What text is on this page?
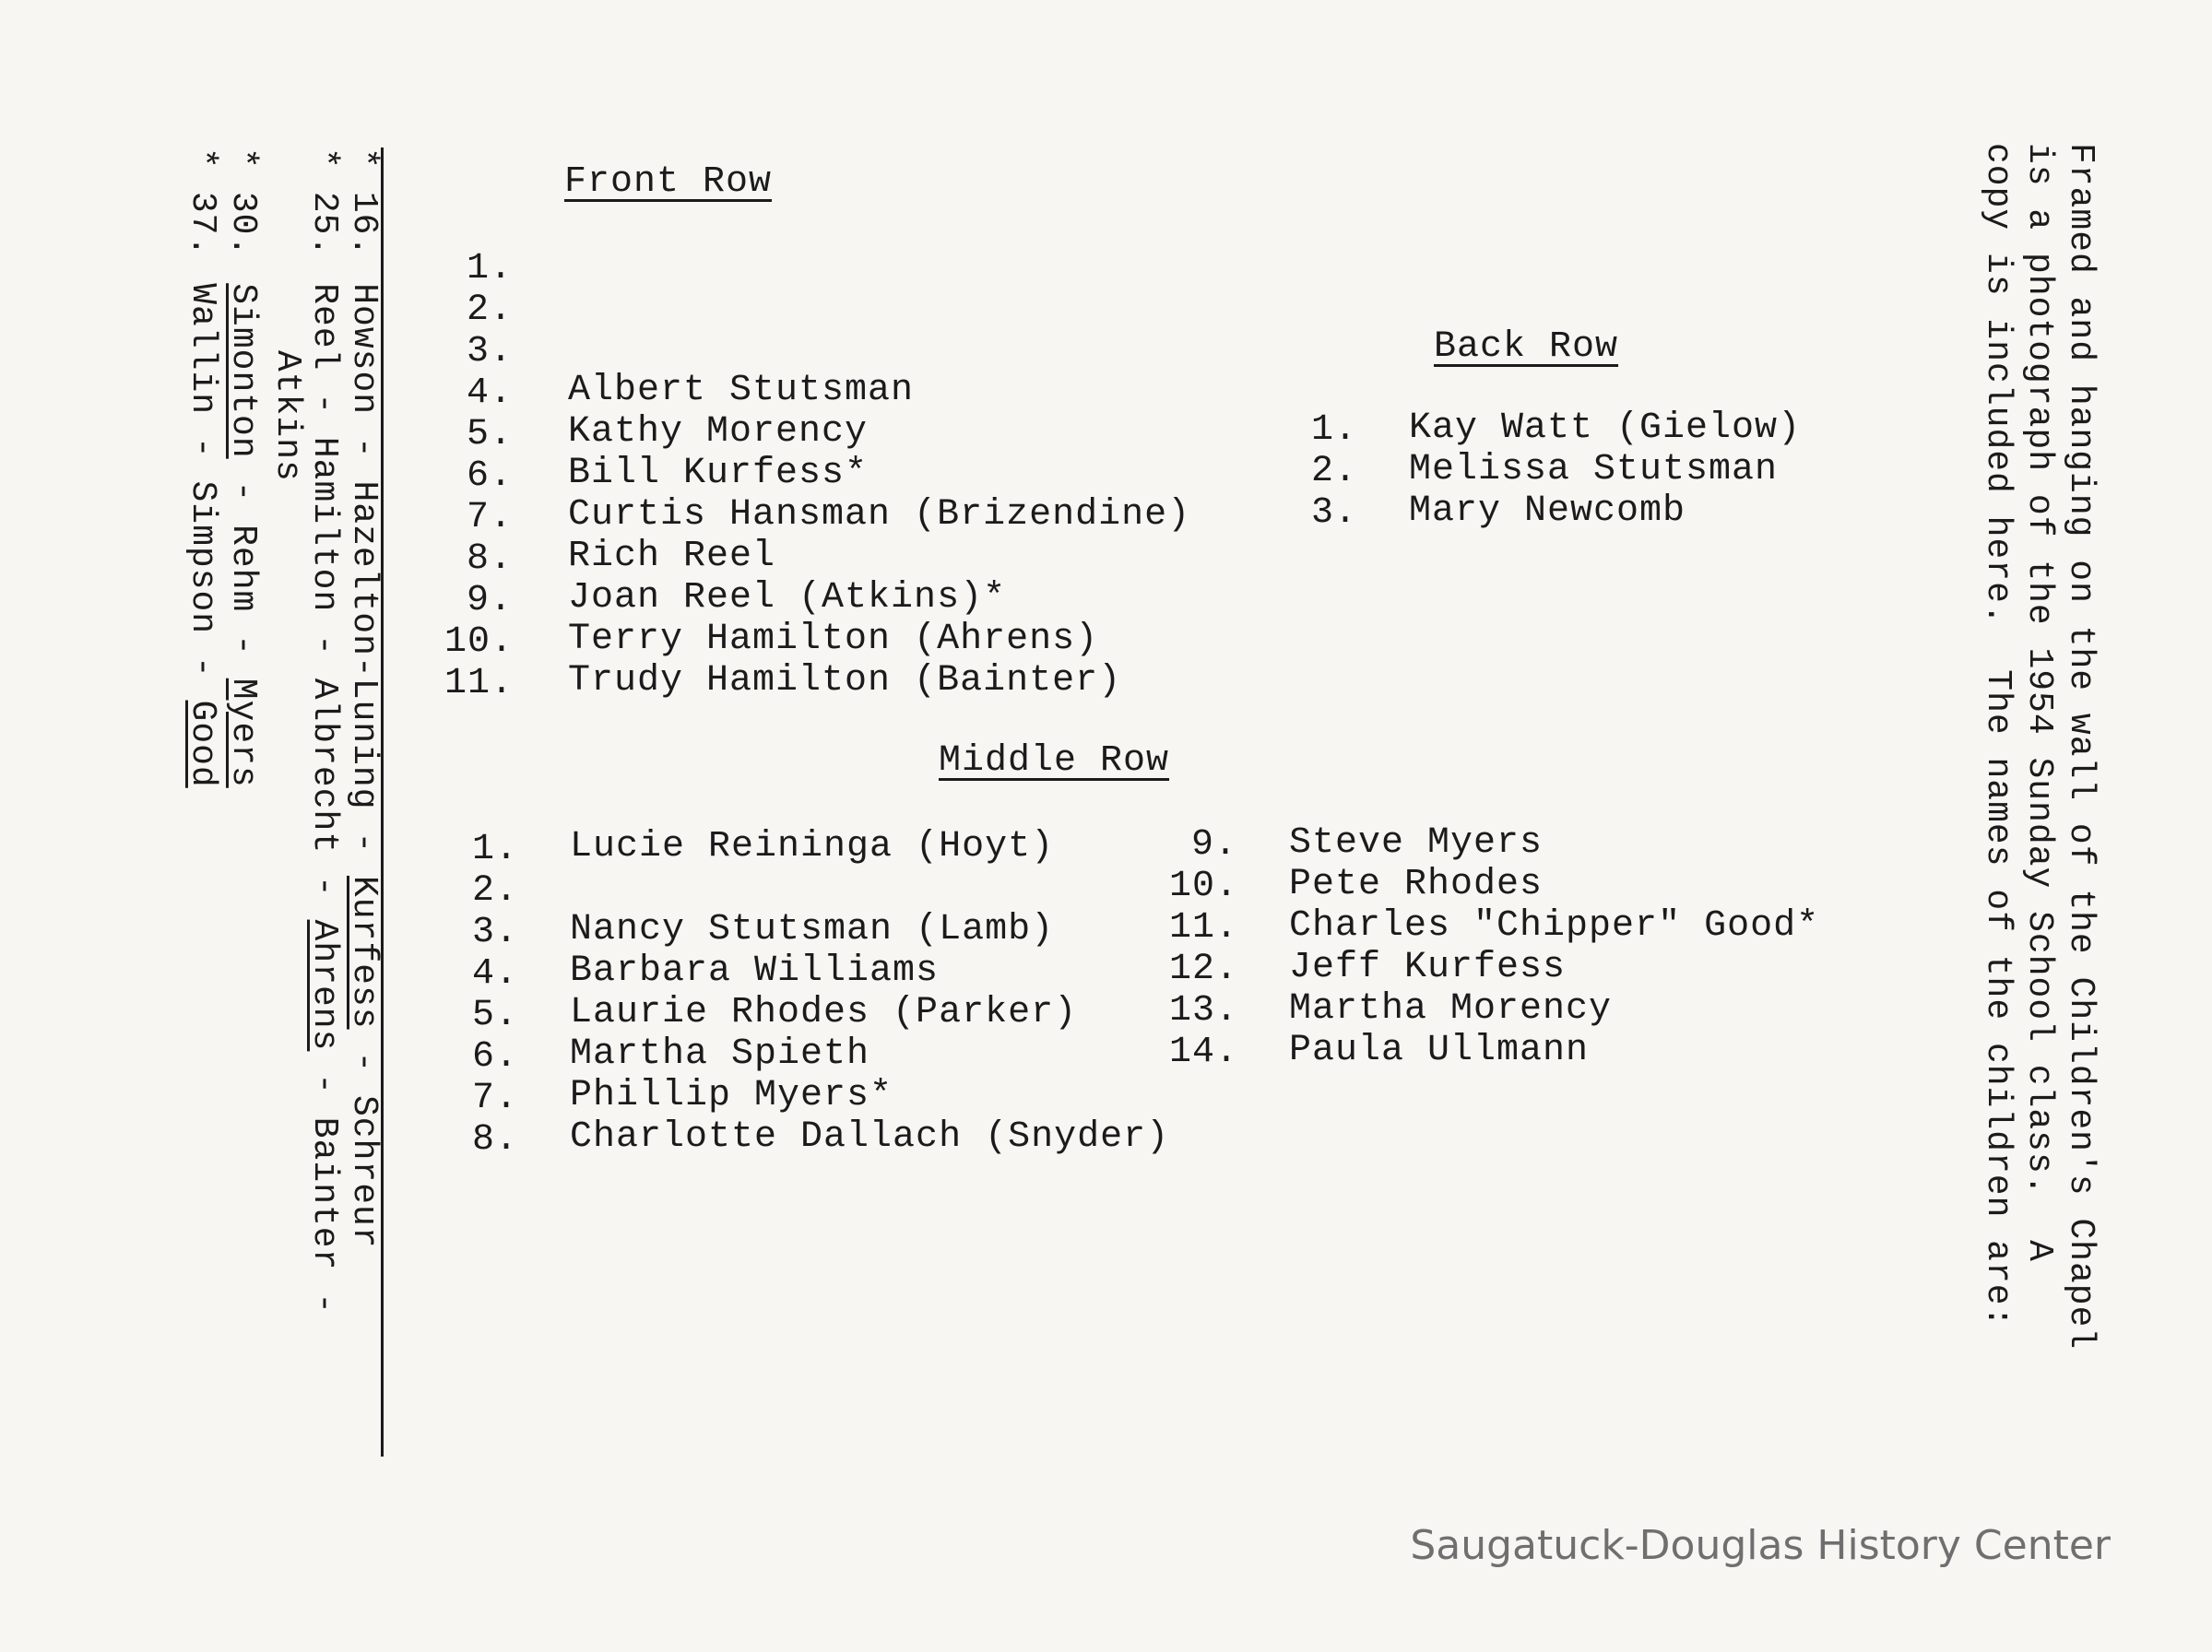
Framed and hanging on the wall of the Children's Chapel
is a photograph of the 1954 Sunday School class.  A
copy is included here.  The names of the children are:
Front Row
1.
2.
3.
4. Albert Stutsman
5. Kathy Morency
6. Bill Kurfess*
7. Curtis Hansman (Brizendine)
8. Rich Reel
9. Joan Reel (Atkins)*
10. Terry Hamilton (Ahrens)
11. Trudy Hamilton (Bainter)
Back Row
1. Kay Watt (Gielow)
2. Melissa Stutsman
3. Mary Newcomb
Middle Row
1. Lucie Reininga (Hoyt)
2.
3. Nancy Stutsman (Lamb)
4. Barbara Williams
5. Laurie Rhodes (Parker)
6. Martha Spieth
7. Phillip Myers*
8. Charlotte Dallach (Snyder)
9. Steve Myers
10. Pete Rhodes
11. Charles "Chipper" Good*
12. Jeff Kurfess
13. Martha Morency
14. Paula Ullmann
*16.Howson - Hazelton-Luning - Kurfess - Schreur
*25.Reel - Hamilton - Albrecht - Ahrens - Bainter -
Atkins
*30.Simonton - Rehm - Myers
*37.Wallin - Simpson - Good
Saugatuck-Douglas History Center
